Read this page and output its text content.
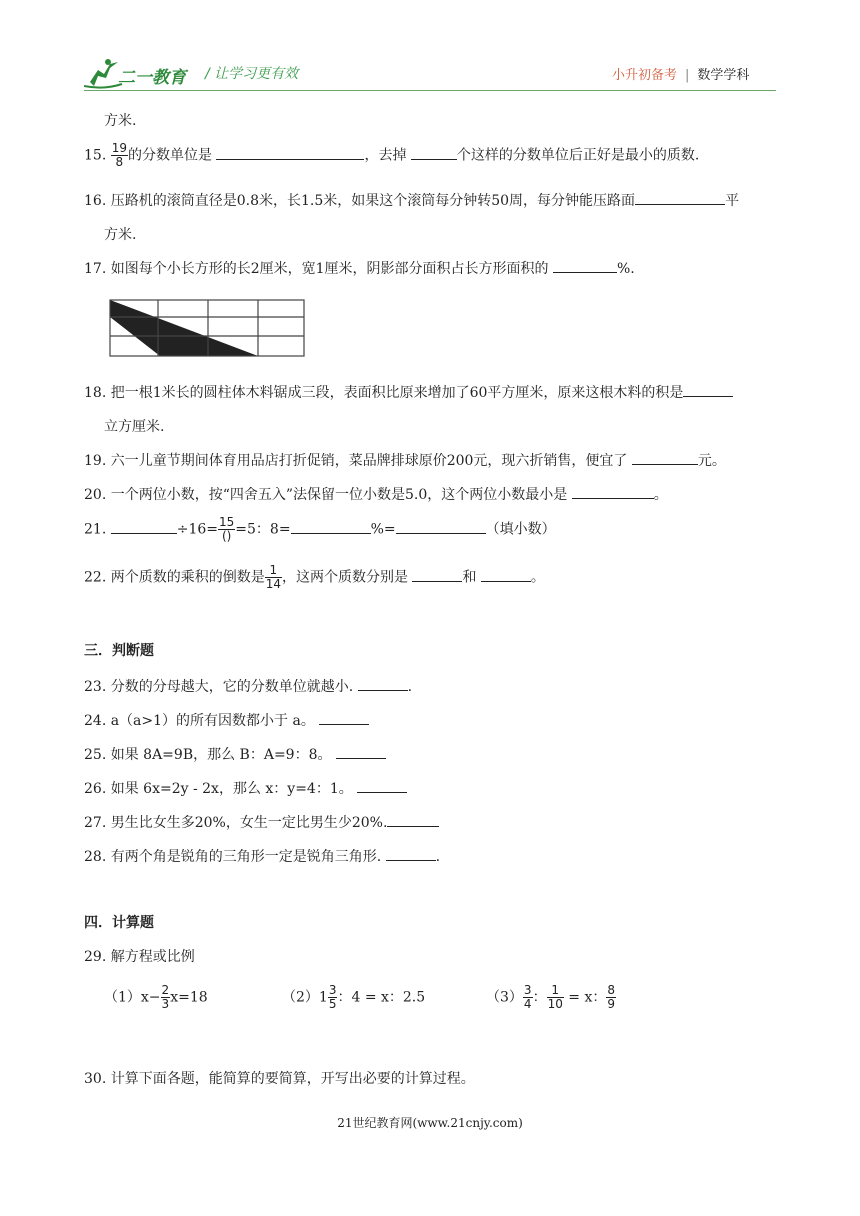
二一教育 / 让学习更有效	小升初备考 | 数学学科
方米.
15. $\frac{19}{8}$ 的分数单位是	，去掉	个这样的分数单位后正好是最小的质数.
16. 压路机的滚筒直径是0.8米，长1.5米，如果这个滚筒每分钟转50周，每分钟能压路面	平
方米.
17. 如图每个小长方形的长2厘米，宽1厘米，阴影部分面积占长方形面积的	%.
18. 把一根1米长的圆柱体木料锯成三段，表面积比原来增加了60平方厘米，原来这根木料的积是
立方厘米.
19. 六一儿童节期间体育用品店打折促销，菜品牌排球原价200元，现六折销售，便宜了	元。
20. 一个两位小数，按“四舍五入”法保留一位小数是5.0，这个两位小数最小是	。
21.	$\div 16= \frac{15}{()} =5$：8=	%=	（填小数）
22. 两个质数的乘积的倒数是 $\frac{1}{14}$ ，这两个质数分别是	和	。
三．判断题
23. 分数的分母越大，它的分数单位就越小.	.
24. a（a>1）的所有因数都小于 a。
25. 如果 8A=9B，那么 B：A=9：8。
26. 如果 6x=2y - 2x，那么 x：y=4：1。
27. 男生比女生多20%，女生一定比男生少20%.
28. 有两个角是锐角的三角形一定是锐角三角形.	.
四．计算题
29. 解方程或比例
$(1)x- \frac{2}{3} x=18$	$(2)1 \frac{3}{5}$ ：4 = x：2.5	$(3) \frac{3}{4}$ ： $\frac{1}{10} = x$： $\frac{8}{9}$
30. 计算下面各题，能简算的要简算，开写出必要的计算过程。
21世纪教育网(www.21cnjy.com)
